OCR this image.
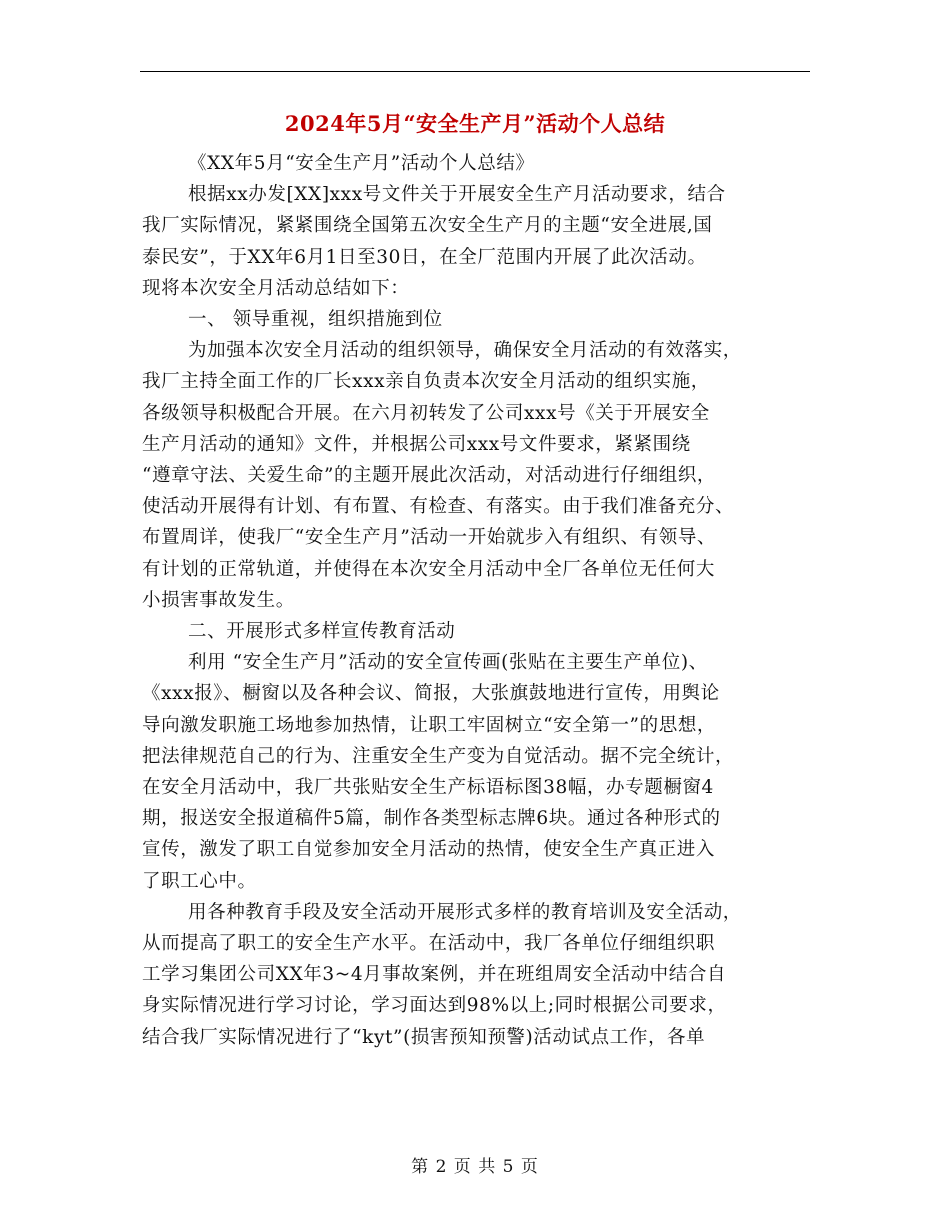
2024年5月“安全生产月”活动个人总结

《XX年5月“安全生产月”活动个人总结》

根据xx办发[XX]xxx号文件关于开展安全生产月活动要求，结合
我厂实际情况，紧紧围绕全国第五次安全生产月的主题“安全进展,国
泰民安”，于XX年6月1日至30日，在全厂范围内开展了此次活动。
现将本次安全月活动总结如下：

一、 领导重视，组织措施到位

为加强本次安全月活动的组织领导，确保安全月活动的有效落实，
我厂主持全面工作的厂长xxx亲自负责本次安全月活动的组织实施，
各级领导积极配合开展。在六月初转发了公司xxx号《关于开展安全
生产月活动的通知》文件，并根据公司xxx号文件要求，紧紧围绕
“遵章守法、关爱生命”的主题开展此次活动，对活动进行仔细组织，
使活动开展得有计划、有布置、有检查、有落实。由于我们准备充分、
布置周详，使我厂“安全生产月”活动一开始就步入有组织、有领导、
有计划的正常轨道，并使得在本次安全月活动中全厂各单位无任何大
小损害事故发生。

二、开展形式多样宣传教育活动

利用 “安全生产月”活动的安全宣传画(张贴在主要生产单位)、
《xxx报》、橱窗以及各种会议、简报，大张旗鼓地进行宣传，用舆论
导向激发职施工场地参加热情，让职工牢固树立“安全第一”的思想，
把法律规范自己的行为、注重安全生产变为自觉活动。据不完全统计，
在安全月活动中，我厂共张贴安全生产标语标图38幅，办专题橱窗4
期，报送安全报道稿件5篇，制作各类型标志牌6块。通过各种形式的
宣传，激发了职工自觉参加安全月活动的热情，使安全生产真正进入
了职工心中。

用各种教育手段及安全活动开展形式多样的教育培训及安全活动，
从而提高了职工的安全生产水平。在活动中，我厂各单位仔细组织职
工学习集团公司XX年3~4月事故案例，并在班组周安全活动中结合自
身实际情况进行学习讨论，学习面达到98%以上;同时根据公司要求，
结合我厂实际情况进行了“kyt”(损害预知预警)活动试点工作，各单

第 2 页 共 5 页
